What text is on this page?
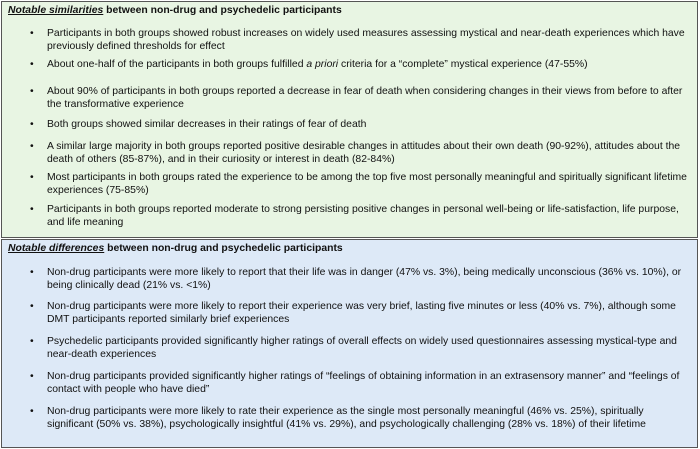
Notable similarities between non-drug and psychedelic participants
• Participants in both groups showed robust increases on widely used measures assessing mystical and near-death experiences which have previously defined thresholds for effect
• About one-half of the participants in both groups fulfilled a priori criteria for a “complete” mystical experience (47-55%)
• About 90% of participants in both groups reported a decrease in fear of death when considering changes in their views from before to after the transformative experience
• Both groups showed similar decreases in their ratings of fear of death
• A similar large majority in both groups reported positive desirable changes in attitudes about their own death (90-92%), attitudes about the death of others (85-87%), and in their curiosity or interest in death (82-84%)
• Most participants in both groups rated the experience to be among the top five most personally meaningful and spiritually significant lifetime experiences (75-85%)
• Participants in both groups reported moderate to strong persisting positive changes in personal well-being or life-satisfaction, life purpose, and life meaning
Notable differences between non-drug and psychedelic participants
• Non-drug participants were more likely to report that their life was in danger (47% vs. 3%), being medically unconscious (36% vs. 10%), or being clinically dead (21% vs. <1%)
• Non-drug participants were more likely to report their experience was very brief, lasting five minutes or less (40% vs. 7%), although some DMT participants reported similarly brief experiences
• Psychedelic participants provided significantly higher ratings of overall effects on widely used questionnaires assessing mystical-type and near-death experiences
• Non-drug participants provided significantly higher ratings of “feelings of obtaining information in an extrasensory manner” and “feelings of contact with people who have died”
• Non-drug participants were more likely to rate their experience as the single most personally meaningful (46% vs. 25%), spiritually significant (50% vs. 38%), psychologically insightful (41% vs. 29%), and psychologically challenging (28% vs. 18%) of their lifetime
